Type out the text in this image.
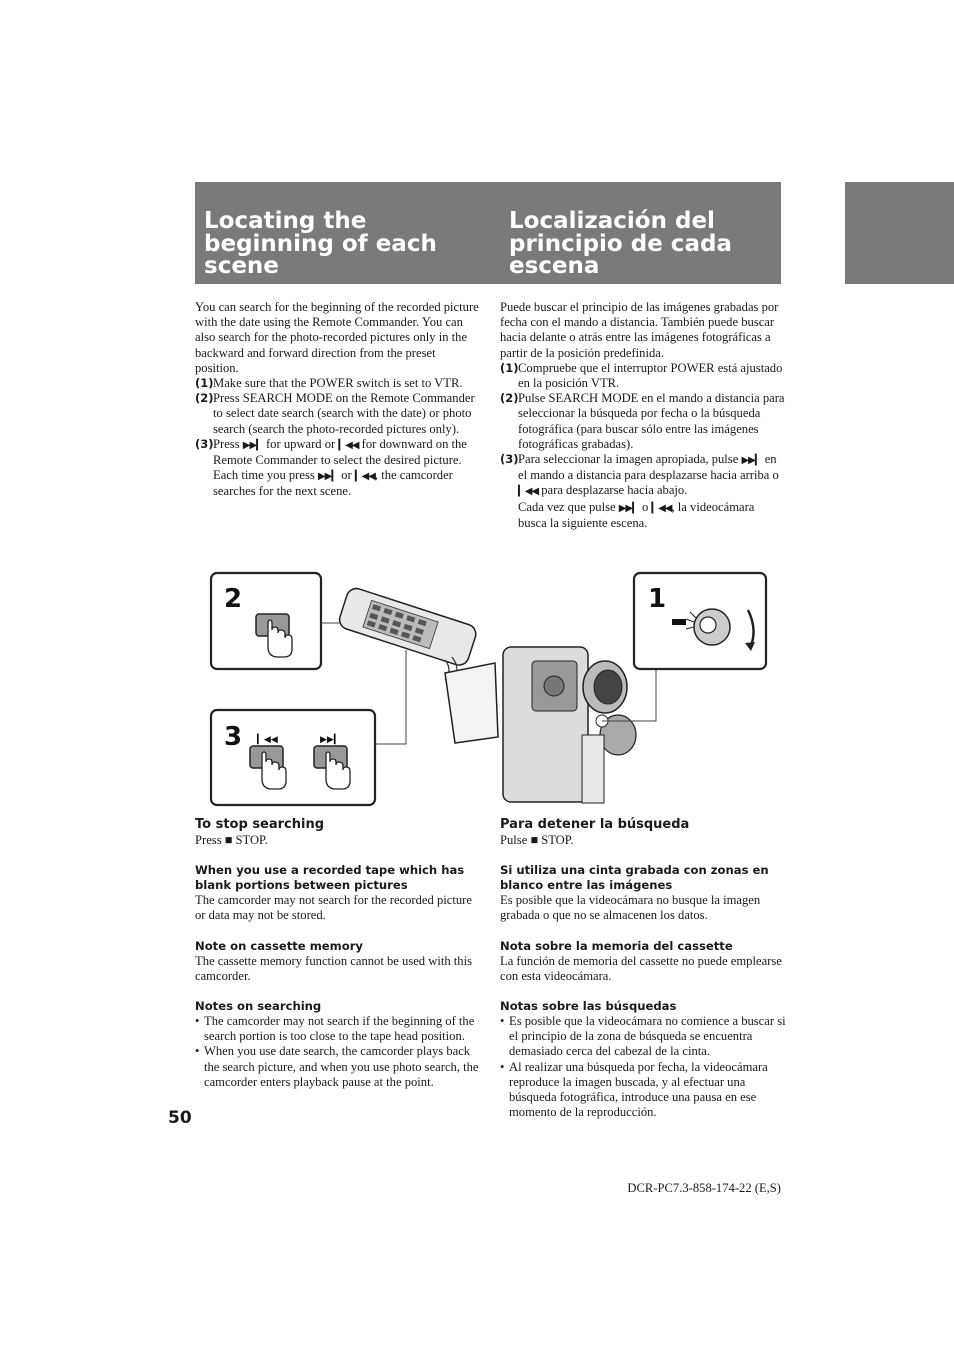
Locating the beginning of each scene
Localización del principio de cada escena

You can search for the beginning of the recorded picture with the date using the Remote Commander. You can also search for the photo-recorded pictures only in the backward and forward direction from the preset position.

(1) Make sure that the POWER switch is set to VTR.
(2) Press SEARCH MODE on the Remote Commander to select date search (search with the date) or photo search (search the photo-recorded pictures only).
(3) Press ▶▶▎ for upward or ▎◀◀ for downward on the Remote Commander to select the desired picture.
Each time you press ▶▶▎ or ▎◀◀, the camcorder searches for the next scene.

Puede buscar el principio de las imágenes grabadas por fecha con el mando a distancia. También puede buscar hacia delante o atrás entre las imágenes fotográficas a partir de la posición predefinida.

(1) Compruebe que el interruptor POWER está ajustado en la posición VTR.
(2) Pulse SEARCH MODE en el mando a distancia para seleccionar la búsqueda por fecha o la búsqueda fotográfica (para buscar sólo entre las imágenes fotográficas grabadas).
(3) Para seleccionar la imagen apropiada, pulse ▶▶▎ en el mando a distancia para desplazarse hacia arriba o ▎◀◀ para desplazarse hacia abajo.
Cada vez que pulse ▶▶▎ o ▎◀◀, la videocámara busca la siguiente escena.
2
3 ▎◀◀	▶▶▎
1
To stop searching

Press ■ STOP.

When you use a recorded tape which has blank portions between pictures

The camcorder may not search for the recorded picture or data may not be stored.

Note on cassette memory

The cassette memory function cannot be used with this camcorder.

Notes on searching
• The camcorder may not search if the beginning of the search portion is too close to the tape head position.
• When you use date search, the camcorder plays back the search picture, and when you use photo search, the camcorder enters playback pause at the point.
Para detener la búsqueda

Pulse ■ STOP.

Si utiliza una cinta grabada con zonas en blanco entre las imágenes

Es posible que la videocámara no busque la imagen grabada o que no se almacenen los datos.

Nota sobre la memoria del cassette

La función de memoria del cassette no puede emplearse con esta videocámara.

Notas sobre las búsquedas
• Es posible que la videocámara no comience a buscar si el principio de la zona de búsqueda se encuentra demasiado cerca del cabezal de la cinta.
• Al realizar una búsqueda por fecha, la videocámara reproduce la imagen buscada, y al efectuar una búsqueda fotográfica, introduce una pausa en ese momento de la reproducción.
50
DCR-PC7.3-858-174-22 (E,S)
